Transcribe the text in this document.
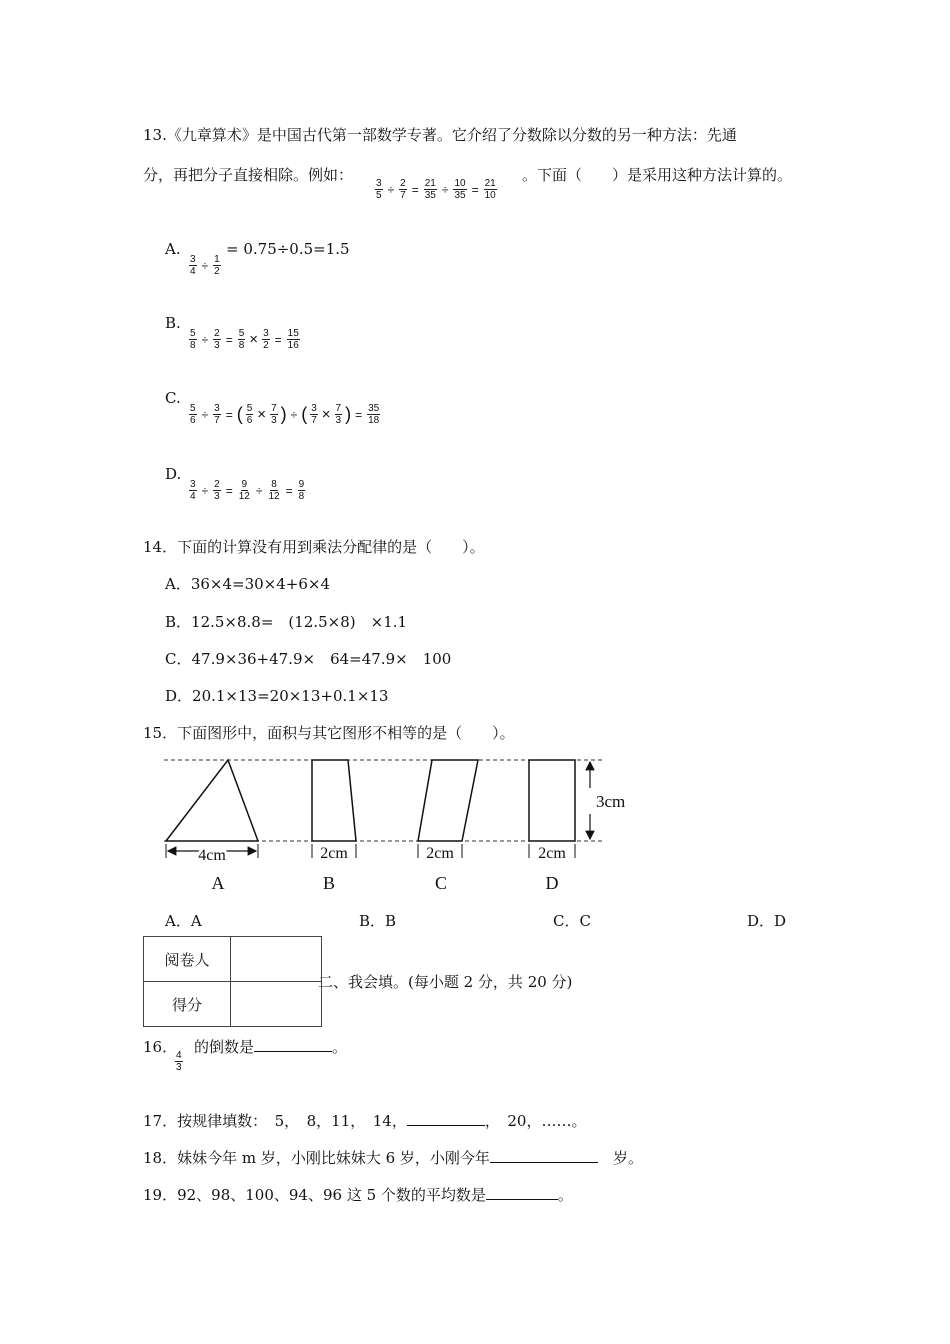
13.《九章算术》是中国古代第一部数学专著。它介绍了分数除以分数的另一种方法：先通
分，再把分子直接相除。例如：
$\frac{3}{5} \div \frac{2}{7} = \frac{21}{35} \div \frac{10}{35} = \frac{21}{10}$
。下面（　　）是采用这种方法计算的。
A.
$\frac{3}{4} \div \frac{1}{2}$
= 0.75÷0.5=1.5
B.
$\frac{5}{8} \div \frac{2}{3} = \frac{5}{8} \times \frac{3}{2} = \frac{15}{16}$
C.
$\frac{5}{6} \div \frac{3}{7}$ = ( $\frac{5}{6} \times \frac{7}{3}$ ) ÷ ( $\frac{3}{7} \times \frac{7}{3}$ ) = $\frac{35}{18}$
D.
$\frac{3}{4} \div \frac{2}{3} = \frac{9}{12} \div \frac{8}{12} = \frac{9}{8}$
14．下面的计算没有用到乘法分配律的是（　　）。
A．36×4=30×4+6×4
B．12.5×8.8=　(12.5×8)　×1.1
C．47.9×36+47.9×　64=47.9×　100
D．20.1×13=20×13+0.1×13
15．下面图形中，面积与其它图形不相等的是（　　）。
4cm	2cm	2cm	2cm
3cm
A	B	C	D
A．A	B．B	C．C	D．D
阅卷人	
得分	
二、我会填。(每小题 2 分，共 20 分)
16．
$\frac{4}{3}$
的倒数是	。
17．按规律填数：　5，　8，11，　14，	，　20，……。
18．妹妹今年 m 岁，小刚比妹妹大 6 岁，小刚今年	　岁。
19．92、98、100、94、96 这 5 个数的平均数是	。
